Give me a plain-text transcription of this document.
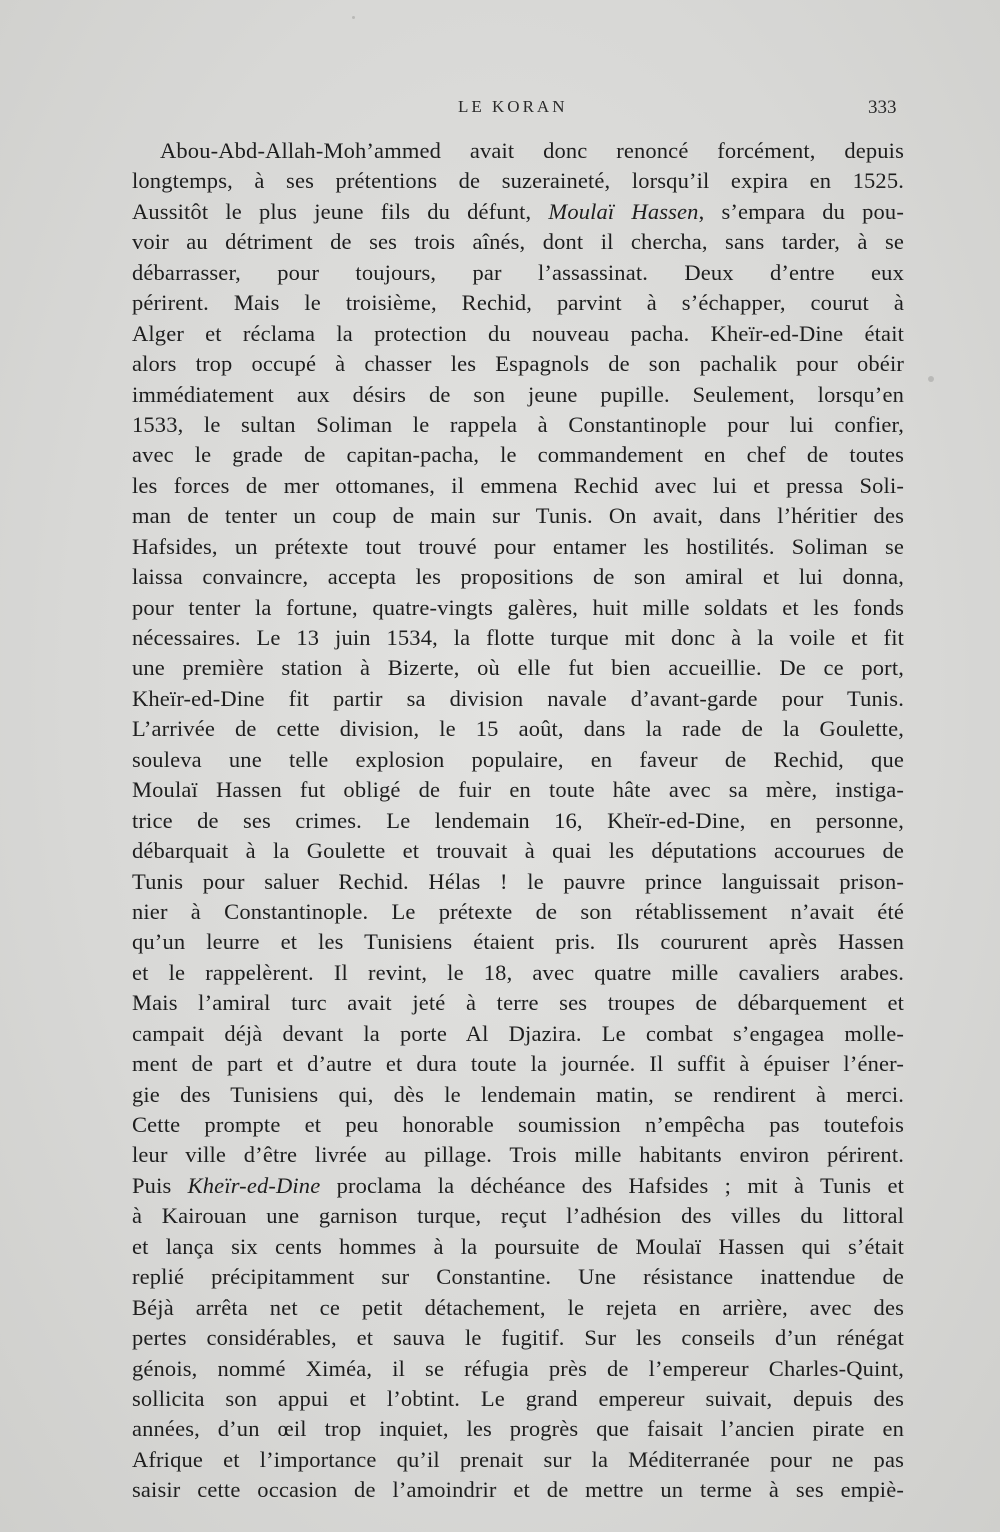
LE KORAN	333
Abou-Abd-Allah-Moh’ammed avait donc renoncé forcément, depuis
longtemps, à ses prétentions de suzeraineté, lorsqu’il expira en 1525.
Aussitôt le plus jeune fils du défunt, Moulaï Hassen, s’empara du pou-
voir au détriment de ses trois aînés, dont il chercha, sans tarder, à se
débarrasser, pour toujours, par l’assassinat. Deux d’entre eux
périrent. Mais le troisième, Rechid, parvint à s’échapper, courut à
Alger et réclama la protection du nouveau pacha. Kheïr-ed-Dine était
alors trop occupé à chasser les Espagnols de son pachalik pour obéir
immédiatement aux désirs de son jeune pupille. Seulement, lorsqu’en
1533, le sultan Soliman le rappela à Constantinople pour lui confier,
avec le grade de capitan-pacha, le commandement en chef de toutes
les forces de mer ottomanes, il emmena Rechid avec lui et pressa Soli-
man de tenter un coup de main sur Tunis. On avait, dans l’héritier des
Hafsides, un prétexte tout trouvé pour entamer les hostilités. Soliman se
laissa convaincre, accepta les propositions de son amiral et lui donna,
pour tenter la fortune, quatre-vingts galères, huit mille soldats et les fonds
nécessaires. Le 13 juin 1534, la flotte turque mit donc à la voile et fit
une première station à Bizerte, où elle fut bien accueillie. De ce port,
Kheïr-ed-Dine fit partir sa division navale d’avant-garde pour Tunis.
L’arrivée de cette division, le 15 août, dans la rade de la Goulette,
souleva une telle explosion populaire, en faveur de Rechid, que
Moulaï Hassen fut obligé de fuir en toute hâte avec sa mère, instiga-
trice de ses crimes. Le lendemain 16, Kheïr-ed-Dine, en personne,
débarquait à la Goulette et trouvait à quai les députations accourues de
Tunis pour saluer Rechid. Hélas ! le pauvre prince languissait prison-
nier à Constantinople. Le prétexte de son rétablissement n’avait été
qu’un leurre et les Tunisiens étaient pris. Ils coururent après Hassen
et le rappelèrent. Il revint, le 18, avec quatre mille cavaliers arabes.
Mais l’amiral turc avait jeté à terre ses troupes de débarquement et
campait déjà devant la porte Al Djazira. Le combat s’engagea molle-
ment de part et d’autre et dura toute la journée. Il suffit à épuiser l’éner-
gie des Tunisiens qui, dès le lendemain matin, se rendirent à merci.
Cette prompte et peu honorable soumission n’empêcha pas toutefois
leur ville d’être livrée au pillage. Trois mille habitants environ périrent.
Puis Kheïr-ed-Dine proclama la déchéance des Hafsides ; mit à Tunis et
à Kairouan une garnison turque, reçut l’adhésion des villes du littoral
et lança six cents hommes à la poursuite de Moulaï Hassen qui s’était
replié précipitamment sur Constantine. Une résistance inattendue de
Béjà arrêta net ce petit détachement, le rejeta en arrière, avec des
pertes considérables, et sauva le fugitif. Sur les conseils d’un rénégat
génois, nommé Ximéa, il se réfugia près de l’empereur Charles-Quint,
sollicita son appui et l’obtint. Le grand empereur suivait, depuis des
années, d’un œil trop inquiet, les progrès que faisait l’ancien pirate en
Afrique et l’importance qu’il prenait sur la Méditerranée pour ne pas
saisir cette occasion de l’amoindrir et de mettre un terme à ses empiè-
